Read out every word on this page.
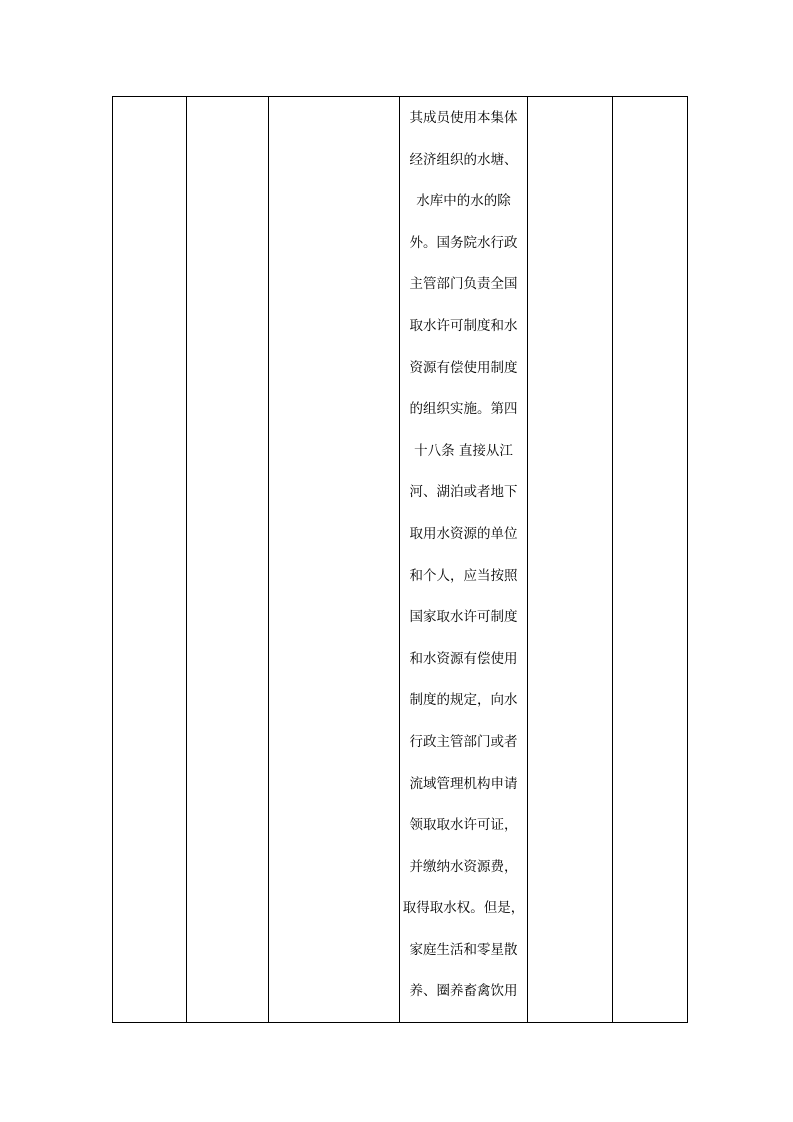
其成员使用本集体
经济组织的水塘、
水库中的水的除
外。国务院水行政
主管部门负责全国
取水许可制度和水
资源有偿使用制度
的组织实施。第四
十八条 直接从江
河、湖泊或者地下
取用水资源的单位
和个人，应当按照
国家取水许可制度
和水资源有偿使用
制度的规定，向水
行政主管部门或者
流域管理机构申请
领取取水许可证，
并缴纳水资源费，
取得取水权。但是，
家庭生活和零星散
养、圈养畜禽饮用
